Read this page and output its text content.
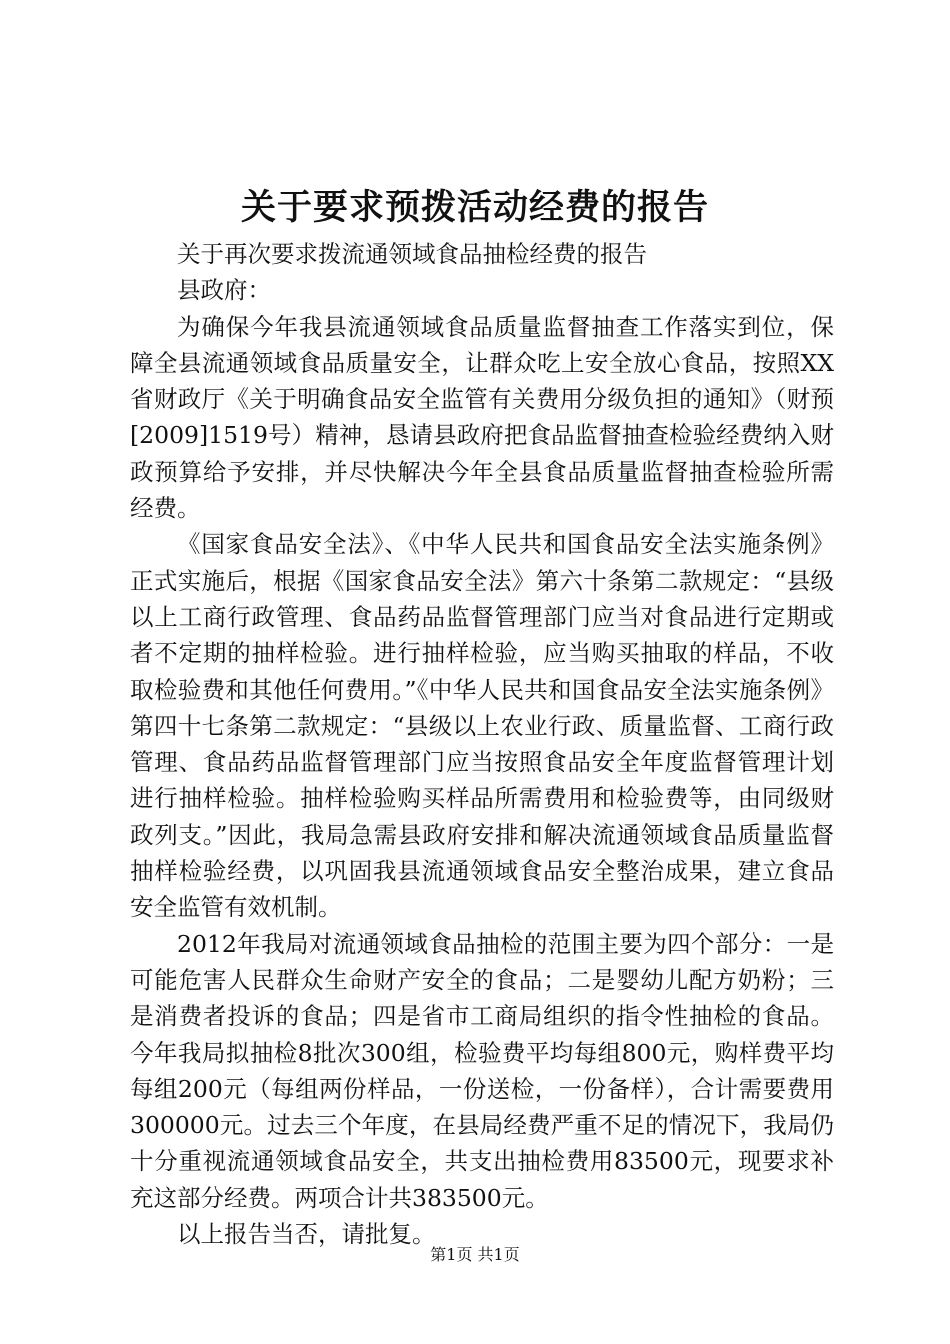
关于要求预拨活动经费的报告

关于再次要求拨流通领域食品抽检经费的报告

县政府：

为确保今年我县流通领域食品质量监督抽查工作落实到位，保障全县流通领域食品质量安全，让群众吃上安全放心食品，按照XX省财政厅《关于明确食品安全监管有关费用分级负担的通知》（财预[2009]1519号）精神，恳请县政府把食品监督抽查检验经费纳入财政预算给予安排，并尽快解决今年全县食品质量监督抽查检验所需经费。

《国家食品安全法》、《中华人民共和国食品安全法实施条例》正式实施后，根据《国家食品安全法》第六十条第二款规定：“县级以上工商行政管理、食品药品监督管理部门应当对食品进行定期或者不定期的抽样检验。进行抽样检验，应当购买抽取的样品，不收取检验费和其他任何费用。”《中华人民共和国食品安全法实施条例》第四十七条第二款规定：“县级以上农业行政、质量监督、工商行政管理、食品药品监督管理部门应当按照食品安全年度监督管理计划进行抽样检验。抽样检验购买样品所需费用和检验费等，由同级财政列支。”因此，我局急需县政府安排和解决流通领域食品质量监督抽样检验经费，以巩固我县流通领域食品安全整治成果，建立食品安全监管有效机制。

2012年我局对流通领域食品抽检的范围主要为四个部分：一是可能危害人民群众生命财产安全的食品；二是婴幼儿配方奶粉；三是消费者投诉的食品；四是省市工商局组织的指令性抽检的食品。今年我局拟抽检8批次300组，检验费平均每组800元，购样费平均每组200元（每组两份样品，一份送检，一份备样），合计需要费用300000元。过去三个年度，在县局经费严重不足的情况下，我局仍十分重视流通领域食品安全，共支出抽检费用83500元，现要求补充这部分经费。两项合计共383500元。

以上报告当否，请批复。

第1页 共1页
